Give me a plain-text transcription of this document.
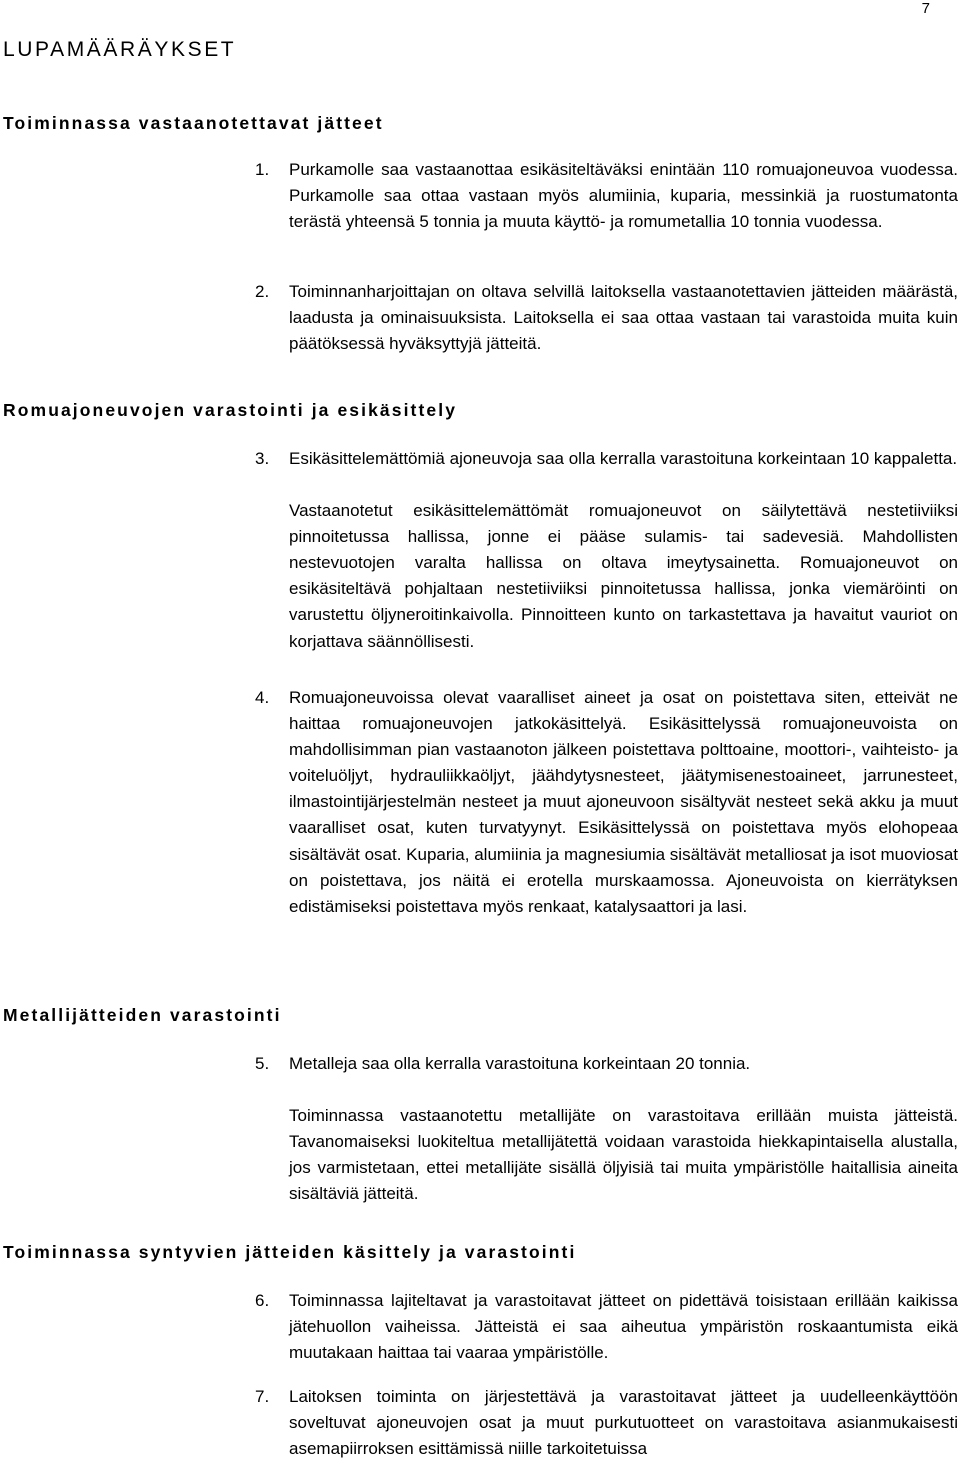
7
LUPAMÄÄRÄYKSET
Toiminnassa vastaanotettavat jätteet
1. Purkamolle saa vastaanottaa esikäsiteltäväksi enintään 110 romuajoneuvoa vuodessa. Purkamolle saa ottaa vastaan myös alumiinia, kuparia, messinkiä ja ruostumatonta terästä yhteensä 5 tonnia ja muuta käyttö- ja romumetallia 10 tonnia vuodessa.

2. Toiminnanharjoittajan on oltava selvillä laitoksella vastaanotettavien jätteiden määrästä, laadusta ja ominaisuuksista. Laitoksella ei saa ottaa vastaan tai varastoida muita kuin päätöksessä hyväksyttyjä jätteitä.

Romuajoneuvojen varastointi ja esikäsittely
3. Esikäsittelemättömiä ajoneuvoja saa olla kerralla varastoituna korkeintaan 10 kappaletta.

Vastaanotetut esikäsittelemättömät romuajoneuvot on säilytettävä nestetiiviiksi pinnoitetussa hallissa, jonne ei pääse sulamis- tai sadevesiä. Mahdollisten nestevuotojen varalta hallissa on oltava imeytysainetta. Romuajoneuvot on esikäsiteltävä pohjaltaan nestetiiviiksi pinnoitetussa hallissa, jonka viemäröinti on varustettu öljyneroitinkaivolla. Pinnoitteen kunto on tarkastettava ja havaitut vauriot on korjattava säännöllisesti.

4. Romuajoneuvoissa olevat vaaralliset aineet ja osat on poistettava siten, etteivät ne haittaa romuajoneuvojen jatkokäsittelyä. Esikäsittelyssä romuajoneuvoista on mahdollisimman pian vastaanoton jälkeen poistettava polttoaine, moottori-, vaihteisto- ja voiteluöljyt, hydrauliikkaöljyt, jäähdytysnesteet, jäätymisenestoaineet, jarrunesteet, ilmastointijärjestelmän nesteet ja muut ajoneuvoon sisältyvät nesteet sekä akku ja muut vaaralliset osat, kuten turvatyynyt. Esikäsittelyssä on poistettava myös elohopeaa sisältävät osat. Kuparia, alumiinia ja magnesiumia sisältävät metalliosat ja isot muoviosat on poistettava, jos näitä ei erotella murskaamossa. Ajoneuvoista on kierrätyksen edistämiseksi poistettava myös renkaat, katalysaattori ja lasi.

Metallijätteiden varastointi
5. Metalleja saa olla kerralla varastoituna korkeintaan 20 tonnia.

Toiminnassa vastaanotettu metallijäte on varastoitava erillään muista jätteistä. Tavanomaiseksi luokiteltua metallijätettä voidaan varastoida hiekkapintaisella alustalla, jos varmistetaan, ettei metallijäte sisällä öljyisiä tai muita ympäristölle haitallisia aineita sisältäviä jätteitä.

Toiminnassa syntyvien jätteiden käsittely ja varastointi
6. Toiminnassa lajiteltavat ja varastoitavat jätteet on pidettävä toisistaan erillään kaikissa jätehuollon vaiheissa. Jätteistä ei saa aiheutua ympäristön roskaantumista eikä muutakaan haittaa tai vaaraa ympäristölle.

7. Laitoksen toiminta on järjestettävä ja varastoitavat jätteet ja uudelleenkäyttöön soveltuvat ajoneuvojen osat ja muut purkutuotteet on varastoitava asianmukaisesti asemapiirroksen esittämissä niille tarkoitetuissa
